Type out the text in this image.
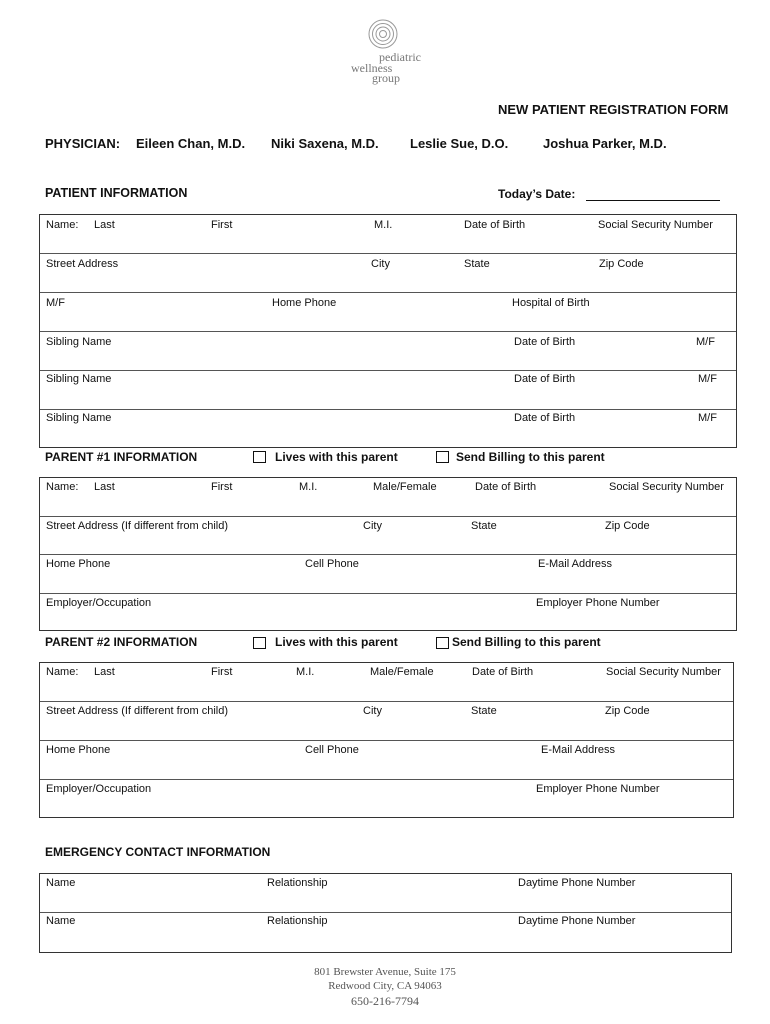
pediatric
wellness
group
NEW PATIENT REGISTRATION FORM
PHYSICIAN: Eileen Chan, M.D. Niki Saxena, M.D. Leslie Sue, D.O.	Joshua Parker, M.D.
PATIENT INFORMATION	Today’s Date:
Name: Last	First	M.I.	Date of Birth	Social Security Number
Street Address	City	State	Zip Code
M/F	Home Phone	Hospital of Birth
Sibling Name	Date of Birth	M/F
Sibling Name	Date of Birth	M/F
Sibling Name	Date of Birth	M/F
PARENT #1 INFORMATION	Lives with this parent	Send Billing to this parent
Name: Last	First	M.I.	Male/Female	Date of Birth	Social Security Number
Street Address (If different from child)	City	State	Zip Code
Home Phone	Cell Phone	E-Mail Address
Employer/Occupation	Employer Phone Number
PARENT #2 INFORMATION	Lives with this parent	Send Billing to this parent
Name: Last	First	M.I.	Male/Female	Date of Birth	Social Security Number
Street Address (If different from child)	City	State	Zip Code
Home Phone	Cell Phone	E-Mail Address
Employer/Occupation	Employer Phone Number
EMERGENCY CONTACT INFORMATION
Name	Relationship	Daytime Phone Number
Name	Relationship	Daytime Phone Number
801 Brewster Avenue, Suite 175
Redwood City, CA 94063
650-216-7794
